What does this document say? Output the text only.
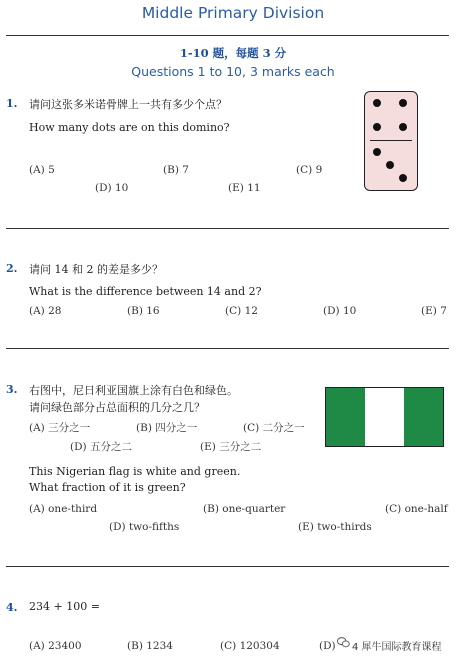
Middle Primary Division
1-10 题，每题 3 分
Questions 1 to 10, 3 marks each
1. 请问这张多米诺骨牌上一共有多少个点？
How many dots are on this domino?
(A) 5	(B) 7	(C) 9
(D) 10	(E) 11
2. 请问 14 和 2 的差是多少？
What is the difference between 14 and 2?
(A) 28	(B) 16	(C) 12	(D) 10	(E) 7
3. 右图中，尼日利亚国旗上涂有白色和绿色。
请问绿色部分占总面积的几分之几？
(A) 三分之一	(B) 四分之一	(C) 二分之一
(D) 五分之二	(E) 三分之二
This Nigerian flag is white and green.
What fraction of it is green?
(A) one-third	(B) one-quarter	(C) one-half
(D) two-fifths	(E) two-thirds
4. 234 + 100 =
(A) 23400	(B) 1234	(C) 120304	(D) 4 犀牛国际教育课程
